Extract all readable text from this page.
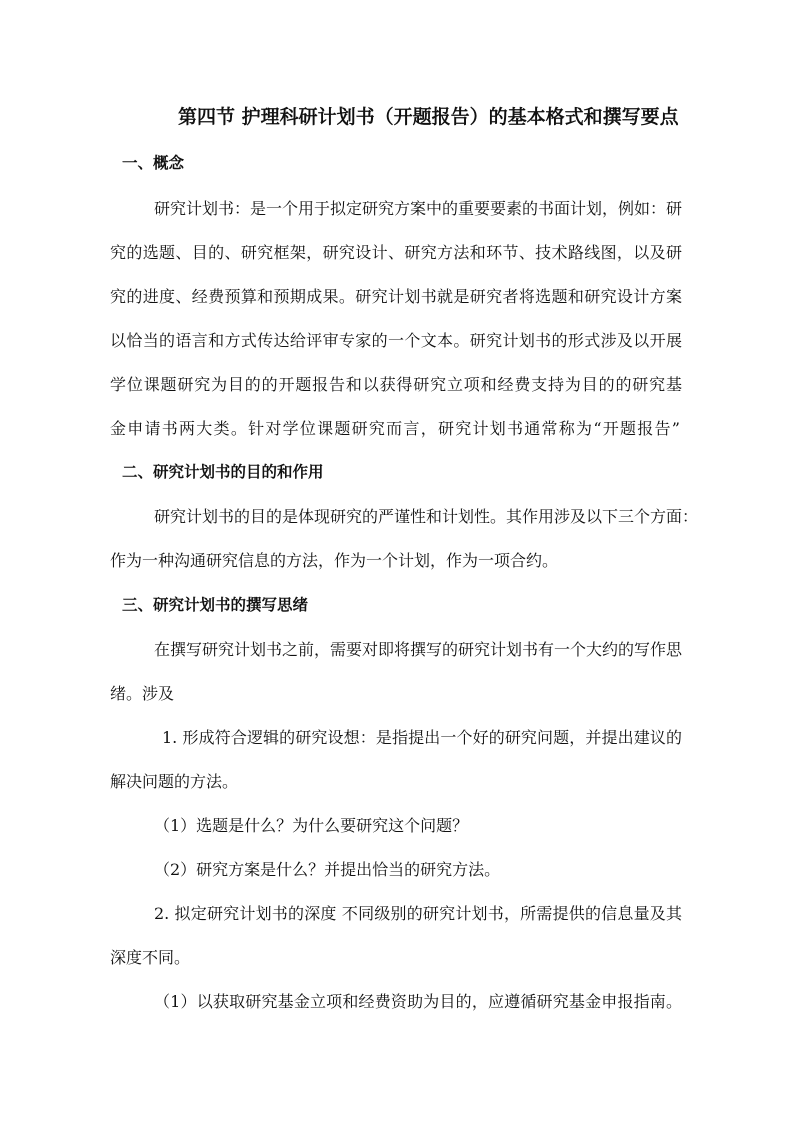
第四节 护理科研计划书（开题报告）的基本格式和撰写要点
一、概念
研究计划书：是一个用于拟定研究方案中的重要要素的书面计划，例如：研
究的选题、目的、研究框架，研究设计、研究方法和环节、技术路线图，以及研
究的进度、经费预算和预期成果。研究计划书就是研究者将选题和研究设计方案
以恰当的语言和方式传达给评审专家的一个文本。研究计划书的形式涉及以开展
学位课题研究为目的的开题报告和以获得研究立项和经费支持为目的的研究基
金申请书两大类。针对学位课题研究而言，研究计划书通常称为“开题报告”
二、研究计划书的目的和作用
研究计划书的目的是体现研究的严谨性和计划性。其作用涉及以下三个方面：
作为一种沟通研究信息的方法，作为一个计划，作为一项合约。
三、研究计划书的撰写思绪
在撰写研究计划书之前，需要对即将撰写的研究计划书有一个大约的写作思
绪。涉及
1. 形成符合逻辑的研究设想：是指提出一个好的研究问题，并提出建议的
解决问题的方法。
（1）选题是什么？为什么要研究这个问题？
（2）研究方案是什么？并提出恰当的研究方法。
2. 拟定研究计划书的深度 不同级别的研究计划书，所需提供的信息量及其
深度不同。
（1）以获取研究基金立项和经费资助为目的，应遵循研究基金申报指南。
